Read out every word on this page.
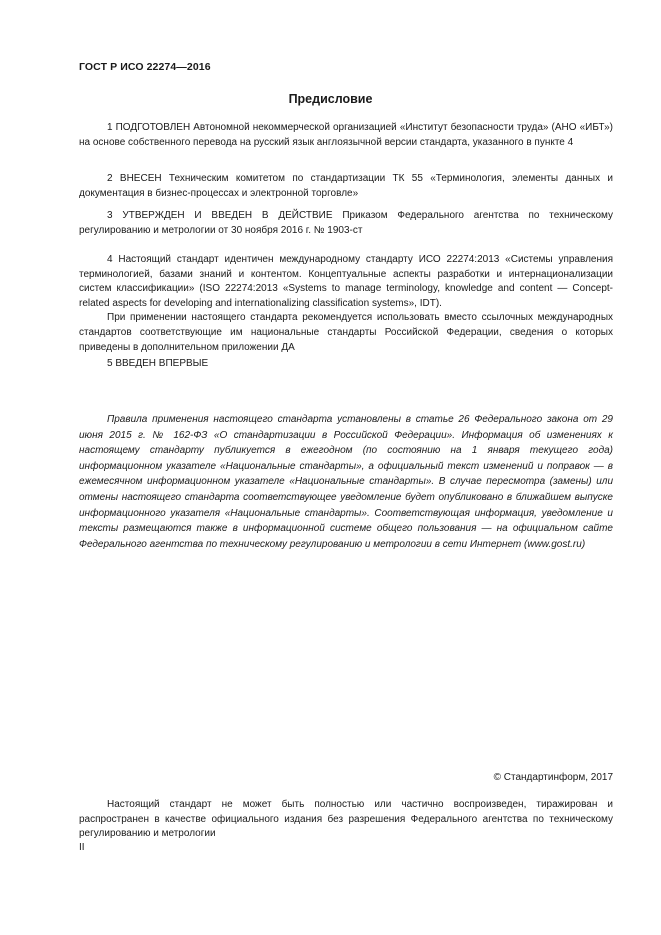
ГОСТ Р ИСО 22274—2016
Предисловие

1 ПОДГОТОВЛЕН Автономной некоммерческой организацией «Институт безопасности труда» (АНО «ИБТ») на основе собственного перевода на русский язык англоязычной версии стандарта, указанного в пункте 4

2 ВНЕСЕН Техническим комитетом по стандартизации ТК 55 «Терминология, элементы данных и документация в бизнес-процессах и электронной торговле»

3 УТВЕРЖДЕН И ВВЕДЕН В ДЕЙСТВИЕ Приказом Федерального агентства по техническому регулированию и метрологии от 30 ноября 2016 г. № 1903-ст

4 Настоящий стандарт идентичен международному стандарту ИСО 22274:2013 «Системы управления терминологией, базами знаний и контентом. Концептуальные аспекты разработки и интернационализации систем классификации» (ISO 22274:2013 «Systems to manage terminology, knowledge and content — Concept-related aspects for developing and internationalizing classification systems», IDT).

При применении настоящего стандарта рекомендуется использовать вместо ссылочных международных стандартов соответствующие им национальные стандарты Российской Федерации, сведения о которых приведены в дополнительном приложении ДА

5 ВВЕДЕН ВПЕРВЫЕ

Правила применения настоящего стандарта установлены в статье 26 Федерального закона от 29 июня 2015 г. № 162-ФЗ «О стандартизации в Российской Федерации». Информация об изменениях к настоящему стандарту публикуется в ежегодном (по состоянию на 1 января текущего года) информационном указателе «Национальные стандарты», а официальный текст изменений и поправок — в ежемесячном информационном указателе «Национальные стандарты». В случае пересмотра (замены) или отмены настоящего стандарта соответствующее уведомление будет опубликовано в ближайшем выпуске информационного указателя «Национальные стандарты». Соответствующая информация, уведомление и тексты размещаются также в информационной системе общего пользования — на официальном сайте Федерального агентства по техническому регулированию и метрологии в сети Интернет (www.gost.ru)

© Стандартинформ, 2017

Настоящий стандарт не может быть полностью или частично воспроизведен, тиражирован и распространен в качестве официального издания без разрешения Федерального агентства по техническому регулированию и метрологии

II
